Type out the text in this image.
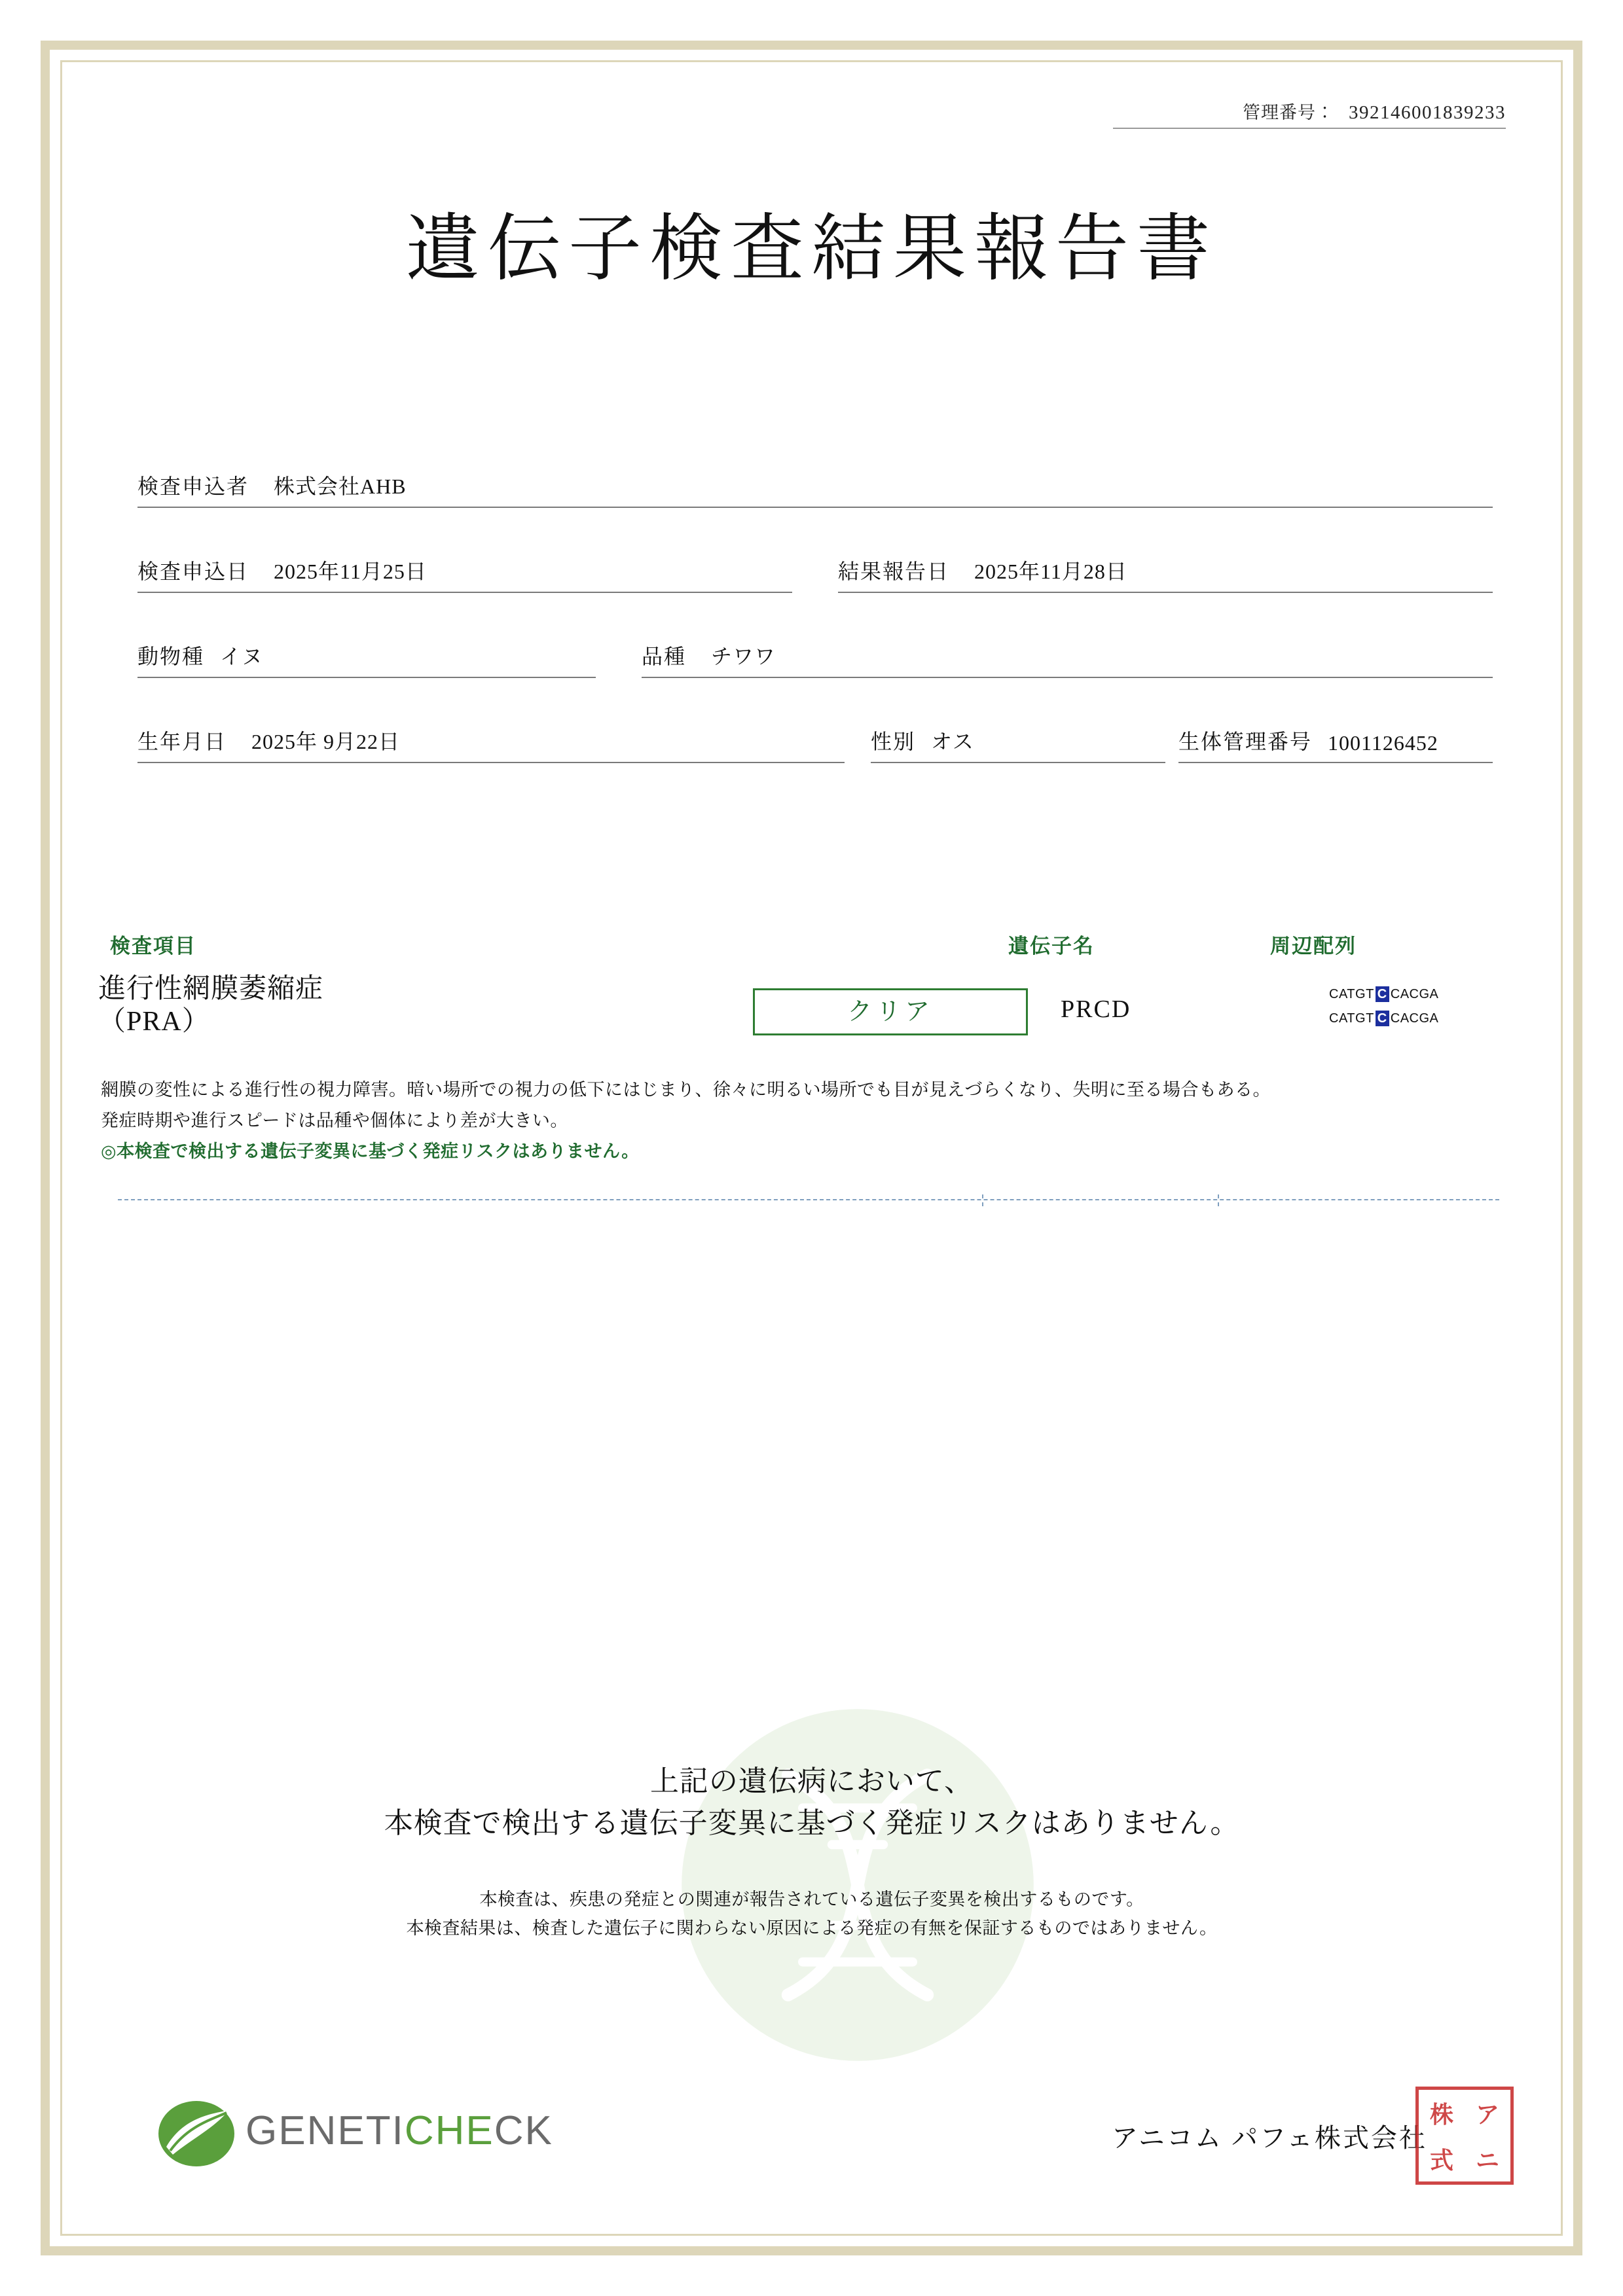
管理番号： 392146001839233
遺伝子検査結果報告書
検査申込者 株式会社AHB
検査申込日 2025年11月25日	結果報告日 2025年11月28日
動物種 イヌ	品種 チワワ
生年月日 2025年 9月22日	性別 オス	生体管理番号 1001126452
検査項目	遺伝子名	周辺配列
進行性網膜萎縮症
（PRA）	クリア	PRCD
CATGT C CACGA
CATGT C CACGA

網膜の変性による進行性の視力障害。暗い場所での視力の低下にはじまり、徐々に明るい場所でも目が見えづらくなり、失明に至る場合もある。

発症時期や進行スピードは品種や個体により差が大きい。

◎本検査で検出する遺伝子変異に基づく発症リスクはありません。

上記の遺伝病において、
本検査で検出する遺伝子変異に基づく発症リスクはありません。
本検査は、疾患の発症との関連が報告されている遺伝子変異を検出するものです。
本検査結果は、検査した遺伝子に関わらない原因による発症の有無を保証するものではありません。
GENETICHECK	アニコム パフェ株式会社
株 ア
式 ニ
